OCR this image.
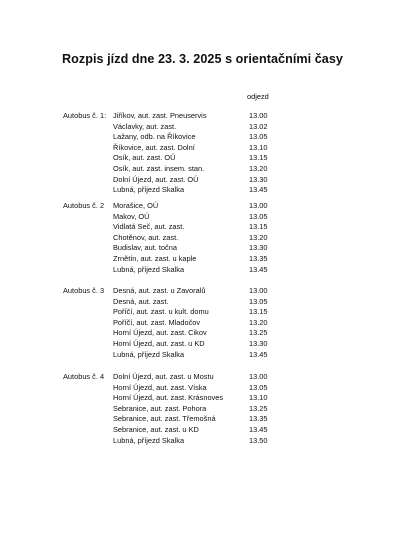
Rozpis jízd dne 23. 3. 2025 s orientačními časy
odjezd
Autobus č. 1: Jiříkov, aut. zast. Pneuservis	13.00
Václavky, aut. zast.	13.02
Lažany, odb. na Říkovice	13.05
Říkovice, aut. zast. Dolní	13.10
Osík, aut. zast. OÚ	13.15
Osík, aut. zast. insem. stan.	13.20
Dolní Újezd, aut. zast. OÚ	13.30
Lubná, příjezd Skalka	13.45
Autobus č. 2 Morašice, OÚ	13.00
Makov, OÚ	13.05
Vidlatá Seč, aut. zast.	13.15
Chotěnov, aut. zast.	13.20
Budislav, aut. točna	13.30
Zrnětín, aut. zast. u kaple	13.35
Lubná, příjezd Skalka	13.45
Autobus č. 3 Desná, aut. zast. u Zavoralů	13.00
Desná, aut. zast.	13.05
Poříčí, aut. zast. u kult. domu	13.15
Poříčí, aut. zast. Mladočov	13.20
Horní Újezd, aut. zast. Cikov	13.25
Horní Újezd, aut. zast. u KD	13.30
Lubná, příjezd Skalka	13.45
Autobus č. 4 Dolní Újezd, aut. zast. u Mostu	13.00
Horní Újezd, aut. zast. Víska	13.05
Horní Újezd, aut. zast. Krásnoves	13.10
Sebranice, aut. zast. Pohora	13.25
Sebranice, aut. zast. Třemošná	13.35
Sebranice, aut. zast. u KD	13.45
Lubná, příjezd Skalka	13.50
